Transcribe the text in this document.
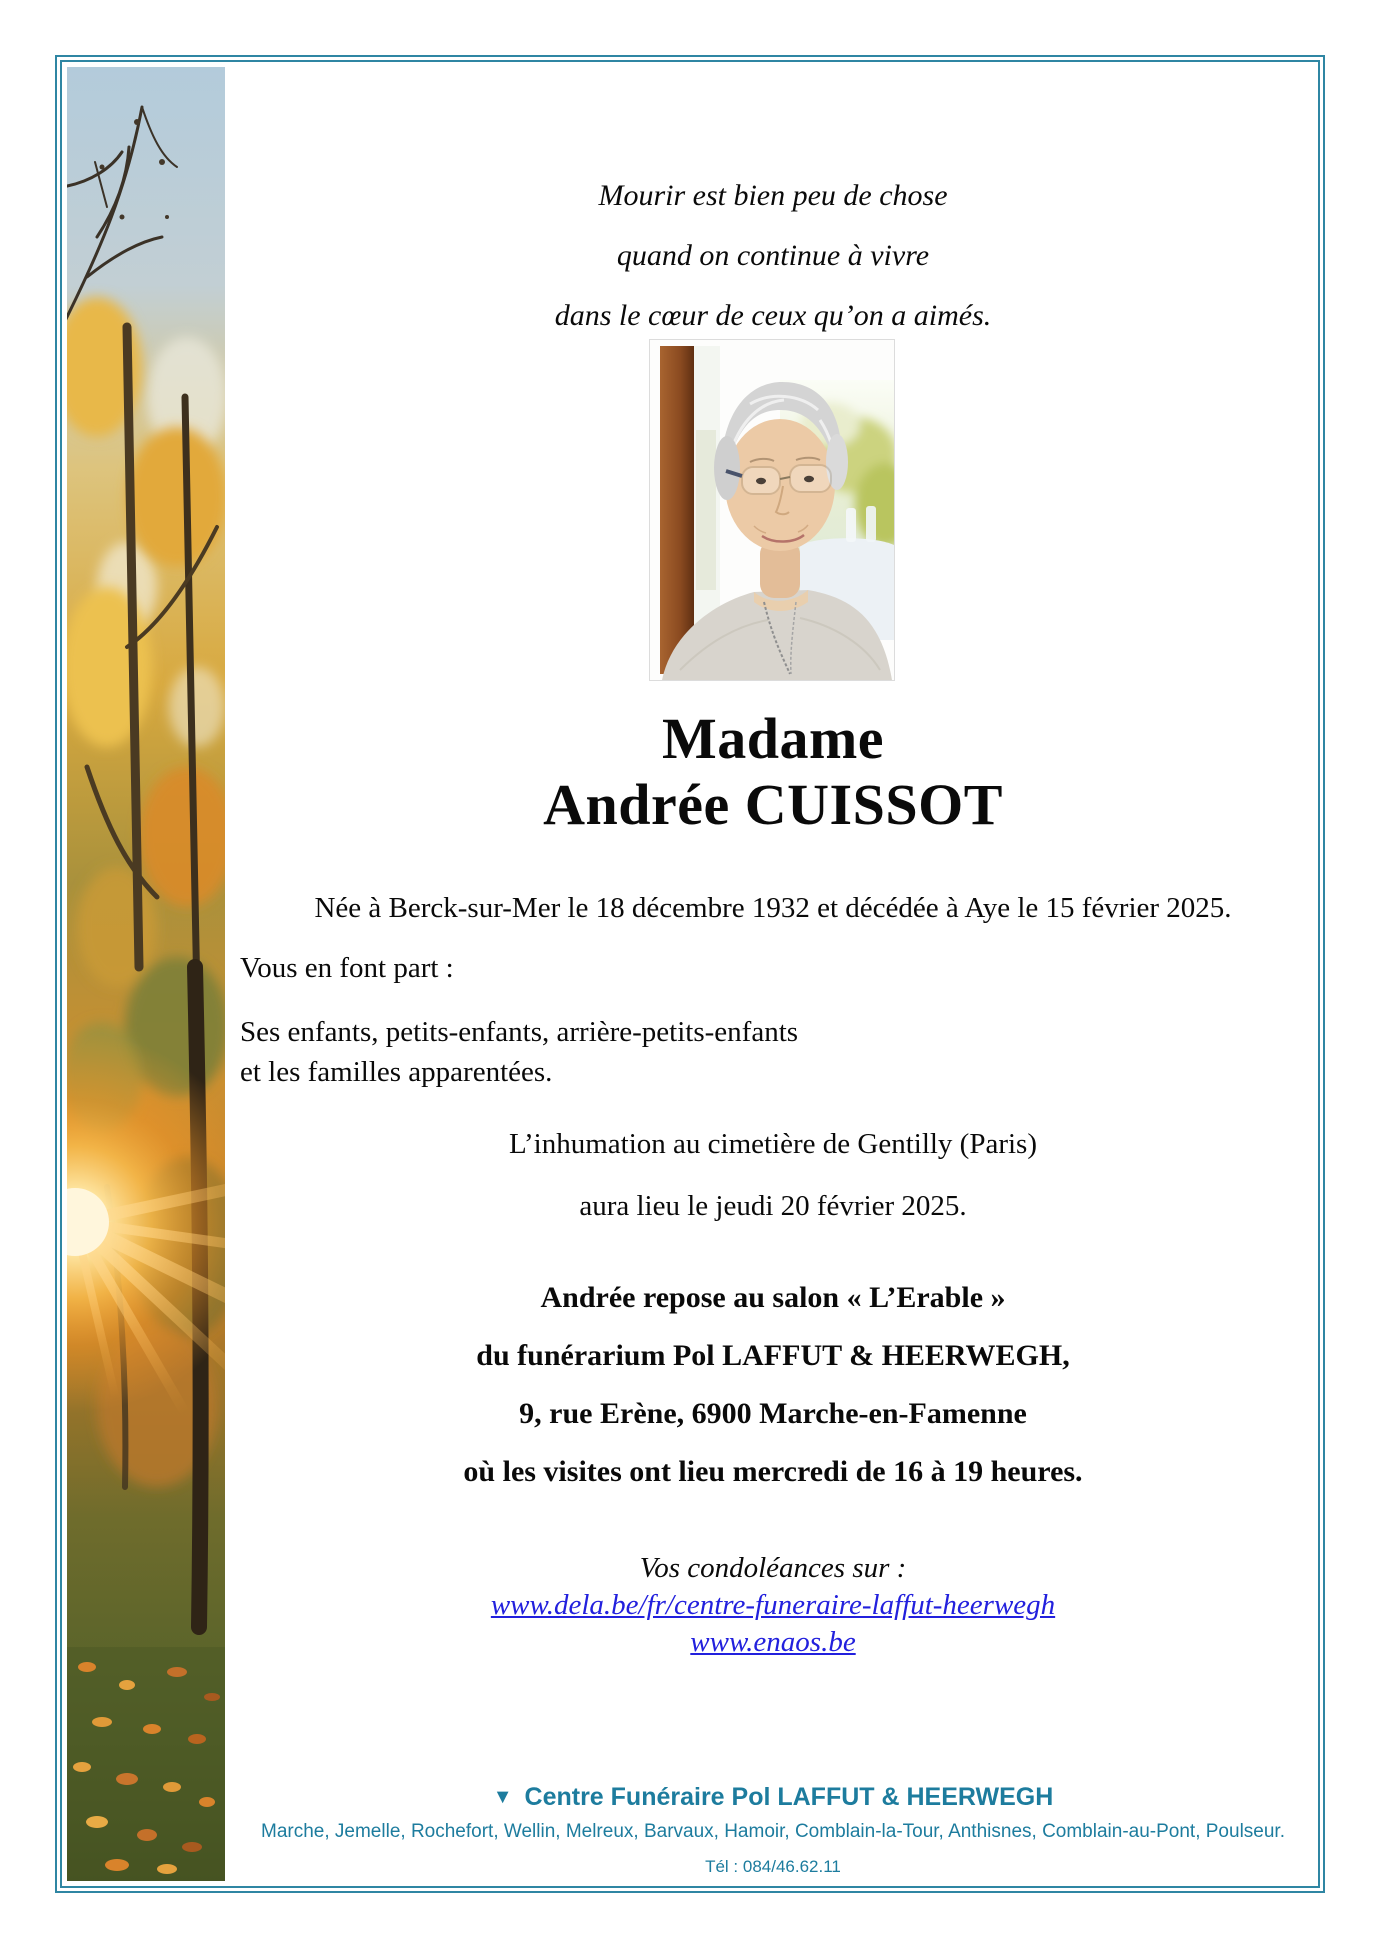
Mourir est bien peu de chose
quand on continue à vivre
dans le cœur de ceux qu’on a aimés.
Madame
Andrée CUISSOT
Née à Berck-sur-Mer le 18 décembre 1932 et décédée à Aye le 15 février 2025.
Vous en font part :
Ses enfants, petits-enfants, arrière-petits-enfants
et les familles apparentées.
L’inhumation au cimetière de Gentilly (Paris)
aura lieu le jeudi 20 février 2025.
Andrée repose au salon « L’Erable »
du funérarium Pol LAFFUT & HEERWEGH,
9, rue Erène, 6900 Marche-en-Famenne
où les visites ont lieu mercredi de 16 à 19 heures.
Vos condoléances sur :
www.dela.be/fr/centre-funeraire-laffut-heerwegh
www.enaos.be
▼ Centre Funéraire Pol LAFFUT & HEERWEGH
Marche, Jemelle, Rochefort, Wellin, Melreux, Barvaux, Hamoir, Comblain-la-Tour, Anthisnes, Comblain-au-Pont, Poulseur.
Tél : 084/46.62.11
